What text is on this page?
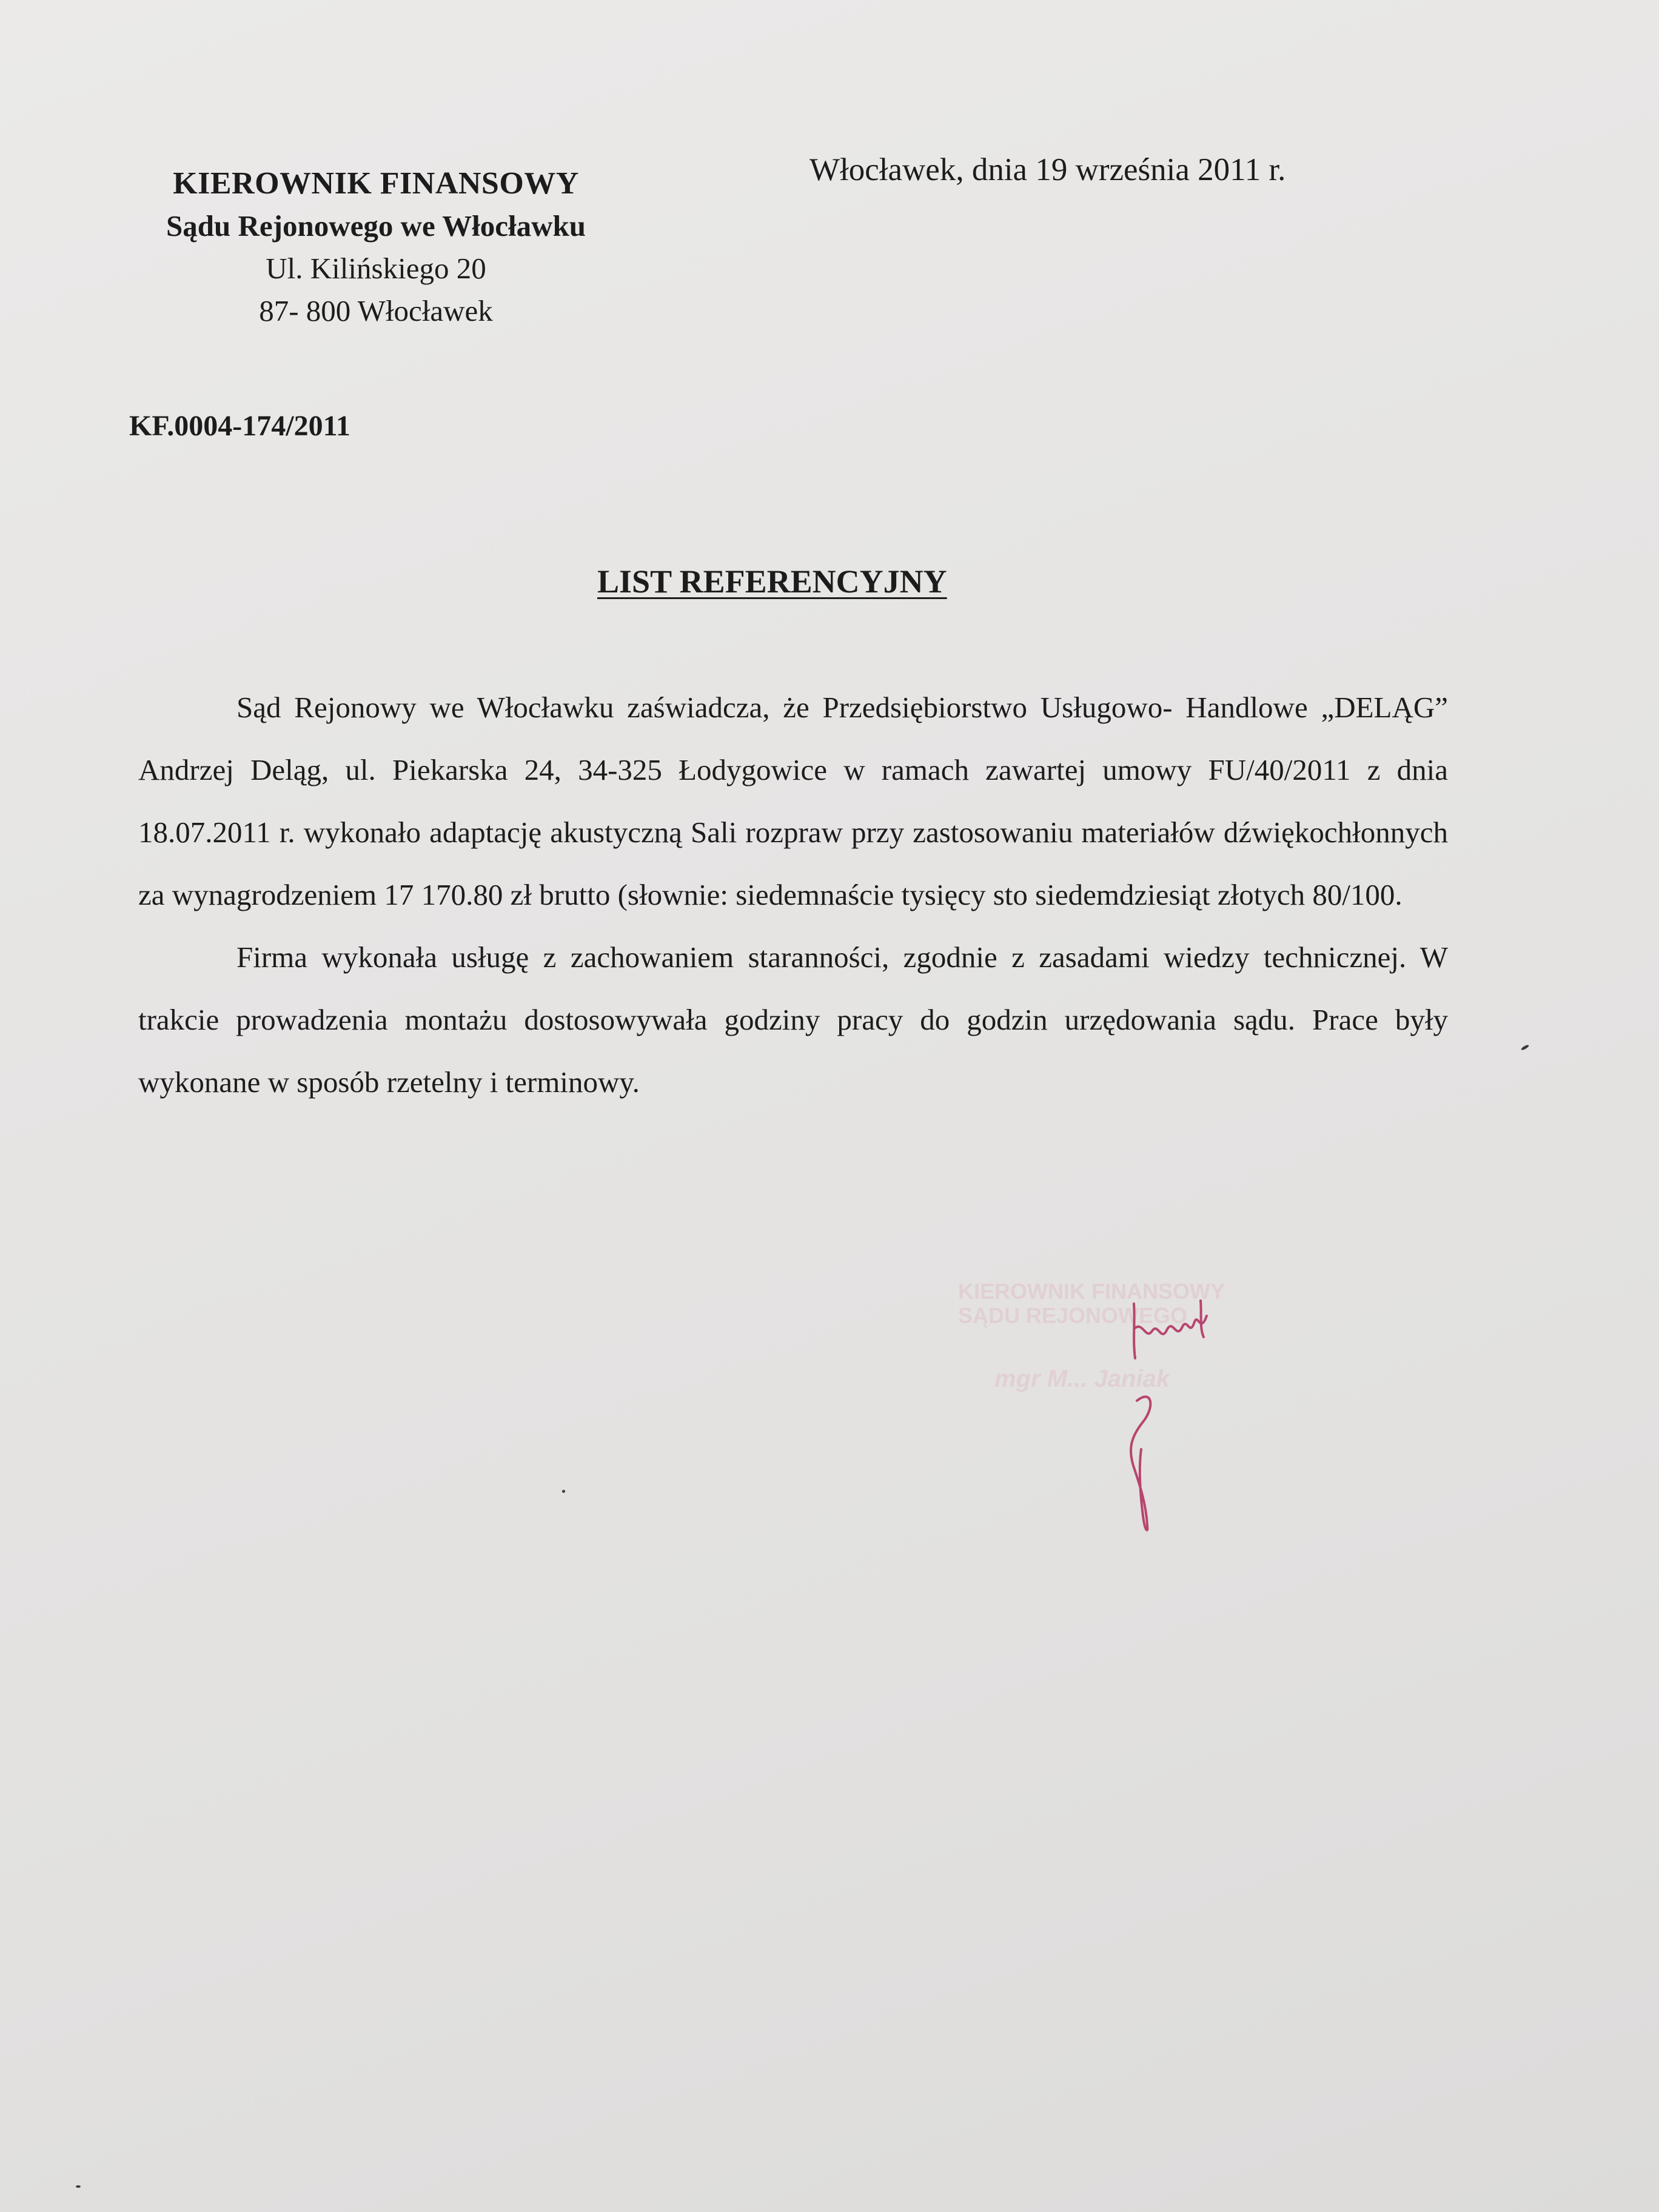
KIEROWNIK FINANSOWY
Sądu Rejonowego we Włocławku
Ul. Kilińskiego 20
87- 800 Włocławek
Włocławek, dnia 19 września 2011 r.
KF.0004-174/2011
LIST REFERENCYJNY

Sąd Rejonowy we Włocławku zaświadcza, że Przedsiębiorstwo Usługowo- Handlowe „DELĄG” Andrzej Deląg, ul. Piekarska 24, 34-325 Łodygowice w ramach zawartej umowy FU/40/2011 z dnia 18.07.2011 r. wykonało adaptację akustyczną Sali rozpraw przy zastosowaniu materiałów dźwiękochłonnych za wynagrodzeniem 17 170.80 zł brutto (słownie: siedemnaście tysięcy sto siedemdziesiąt złotych 80/100.

Firma wykonała usługę z zachowaniem staranności, zgodnie z zasadami wiedzy technicznej. W trakcie prowadzenia montażu dostosowywała godziny pracy do godzin urzędowania sądu. Prace były wykonane w sposób rzetelny i terminowy.

KIEROWNIK FINANSOWY
SĄDU REJONOWEGO
mgr M... Janiak
